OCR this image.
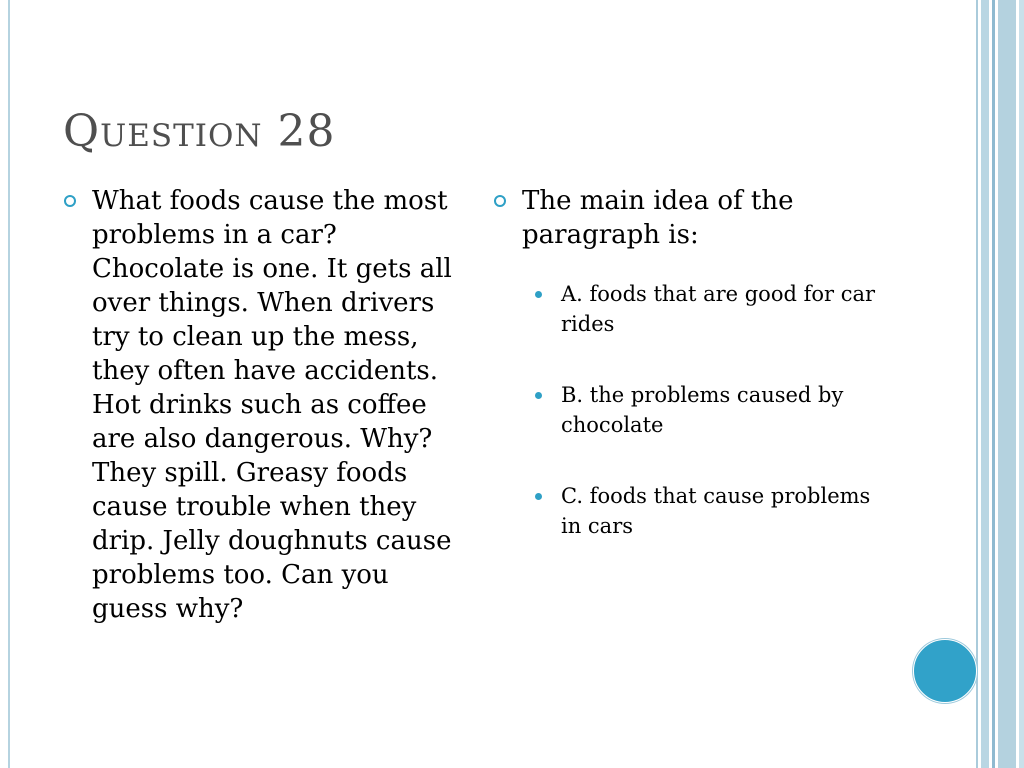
Question 28
What foods cause the most problems in a car? Chocolate is one. It gets all over things. When drivers try to clean up the mess, they often have accidents. Hot drinks such as coffee are also dangerous. Why? They spill. Greasy foods cause trouble when they drip. Jelly doughnuts cause problems too. Can you guess why?
The main idea of the paragraph is:
A. foods that are good for car rides
B. the problems caused by chocolate
C. foods that cause problems in cars
